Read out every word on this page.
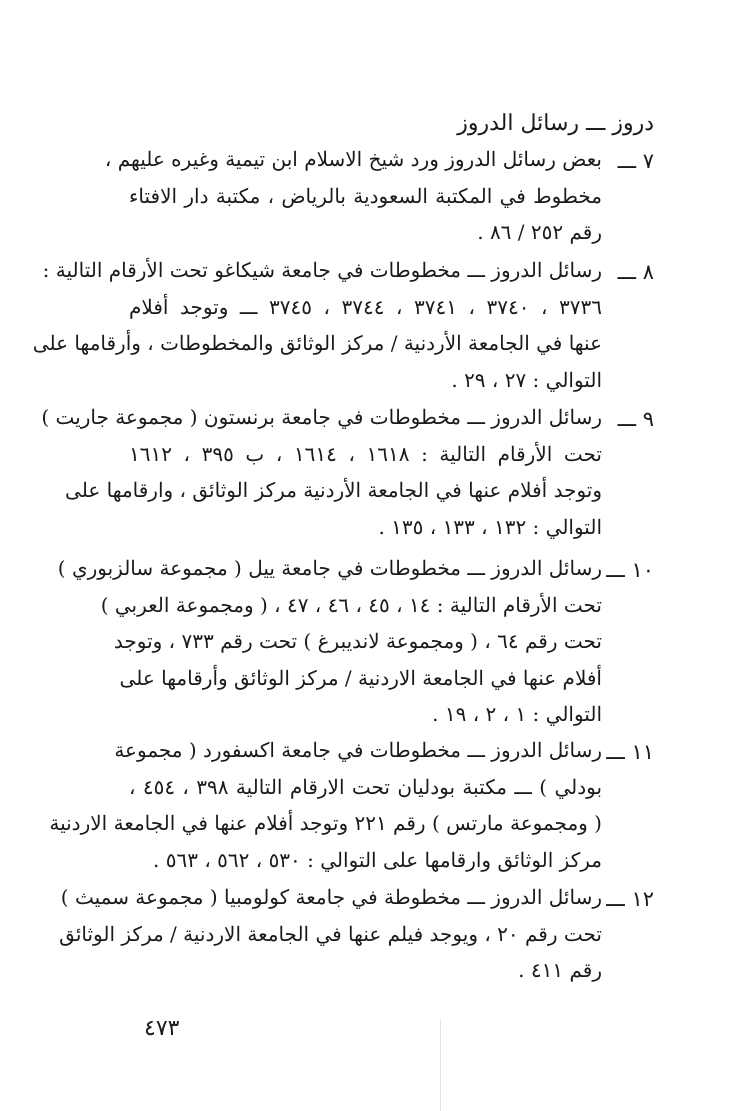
دروز ـــ رسائل الدروز
٧ ـــ
بعض رسائل الدروز ورد شيخ الاسلام ابن تيمية وغيره عليهم ،
مخطوط في المكتبة السعودية بالرياض ، مكتبة دار الافتاء
رقم ٢٥٢ / ٨٦ .
٨ ـــ
رسائل الدروز ـــ مخطوطات في جامعة شيكاغو تحت الأرقام التالية :
٣٧٣٦ ، ٣٧٤٠ ، ٣٧٤١ ، ٣٧٤٤ ، ٣٧٤٥ ـــ وتوجد أفلام
عنها في الجامعة الأردنية / مركز الوثائق والمخطوطات ، وأرقامها على
التوالي : ٢٧ ، ٢٩ .
٩ ـــ
رسائل الدروز ـــ مخطوطات في جامعة برنستون ( مجموعة جاريت )
تحت الأرقام التالية : ١٦١٨ ، ١٦١٤ ، ب ٣٩٥ ، ١٦١٢
وتوجد أفلام عنها في الجامعة الأردنية مركز الوثائق ، وارقامها على
التوالي : ١٣٢ ، ١٣٣ ، ١٣٥ .
١٠ ـــ
رسائل الدروز ـــ مخطوطات في جامعة ييل ( مجموعة سالزبوري )
تحت الأرقام التالية : ١٤ ، ٤٥ ، ٤٦ ، ٤٧ ، ( ومجموعة العربي )
تحت رقم ٦٤ ، ( ومجموعة لانديبرغ ) تحت رقم ٧٣٣ ، وتوجد
أفلام عنها في الجامعة الاردنية / مركز الوثائق وأرقامها على
التوالي : ١ ، ٢ ، ١٩ .
١١ ـــ
رسائل الدروز ـــ مخطوطات في جامعة اكسفورد ( مجموعة
بودلي ) ـــ مكتبة بودليان تحت الارقام التالية ٣٩٨ ، ٤٥٤ ،
( ومجموعة مارتس ) رقم ٢٢١ وتوجد أفلام عنها في الجامعة الاردنية
مركز الوثائق وارقامها على التوالي : ٥٣٠ ، ٥٦٢ ، ٥٦٣ .
١٢ ـــ
رسائل الدروز ـــ مخطوطة في جامعة كولومبيا ( مجموعة سميث )
تحت رقم ٢٠ ، ويوجد فيلم عنها في الجامعة الاردنية / مركز الوثائق
رقم ٤١١ .
٤٧٣
